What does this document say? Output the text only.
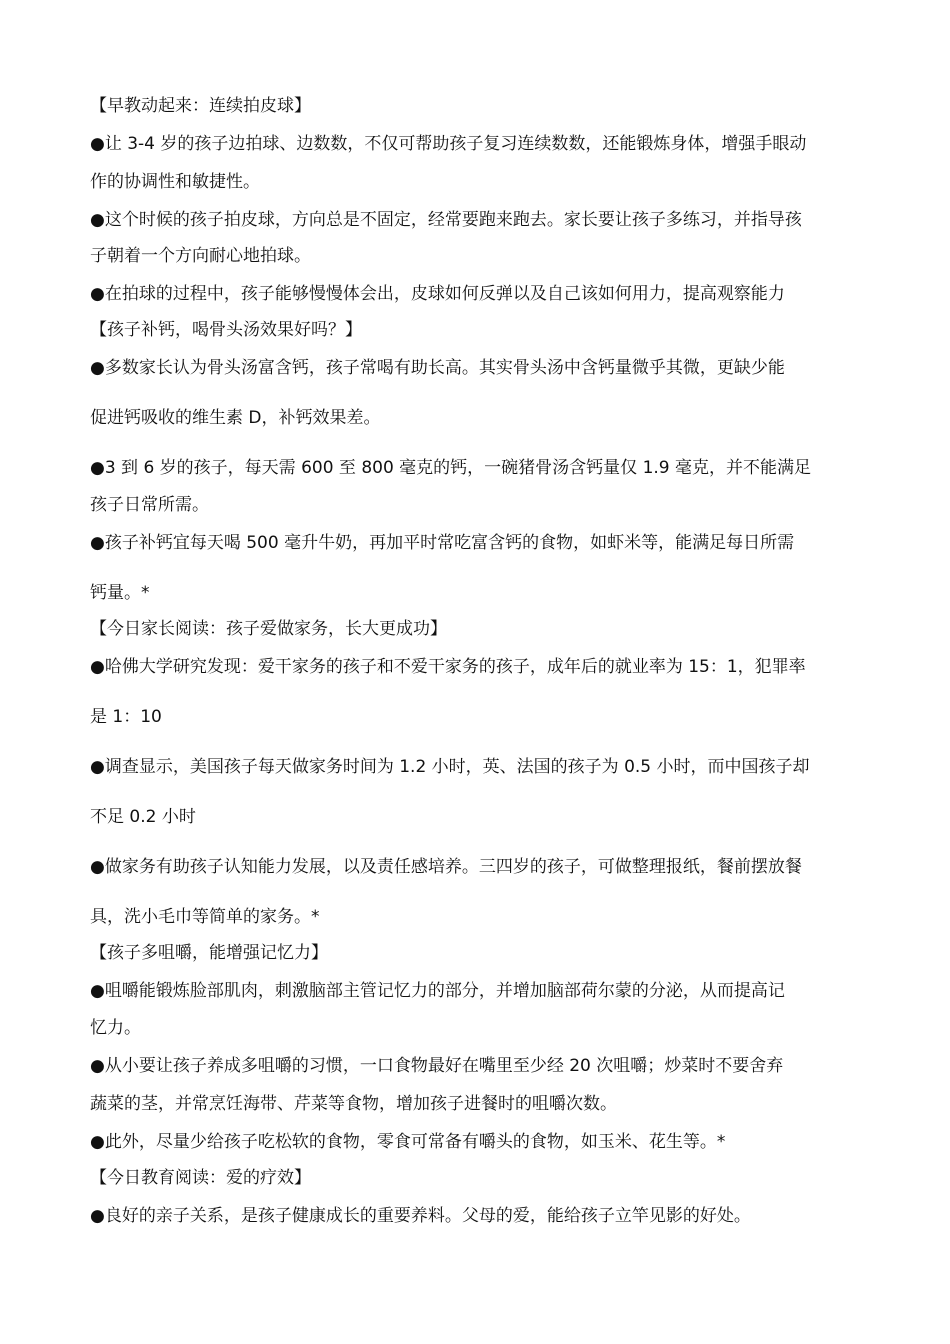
【早教动起来：连续拍皮球】
●让 3-4 岁的孩子边拍球、边数数，不仅可帮助孩子复习连续数数，还能锻炼身体，增强手眼动
作的协调性和敏捷性。
●这个时候的孩子拍皮球，方向总是不固定，经常要跑来跑去。家长要让孩子多练习，并指导孩
子朝着一个方向耐心地拍球。
●在拍球的过程中，孩子能够慢慢体会出，皮球如何反弹以及自己该如何用力，提高观察能力
【孩子补钙，喝骨头汤效果好吗？】
●多数家长认为骨头汤富含钙，孩子常喝有助长高。其实骨头汤中含钙量微乎其微，更缺少能
促进钙吸收的维生素 D，补钙效果差。
●3 到 6 岁的孩子，每天需 600 至 800 毫克的钙，一碗猪骨汤含钙量仅 1.9 毫克，并不能满足
孩子日常所需。
●孩子补钙宜每天喝 500 毫升牛奶，再加平时常吃富含钙的食物，如虾米等，能满足每日所需
钙量。*
【今日家长阅读：孩子爱做家务，长大更成功】
●哈佛大学研究发现：爱干家务的孩子和不爱干家务的孩子，成年后的就业率为 15：1，犯罪率
是 1：10
●调查显示，美国孩子每天做家务时间为 1.2 小时，英、法国的孩子为 0.5 小时，而中国孩子却
不足 0.2 小时
●做家务有助孩子认知能力发展，以及责任感培养。三四岁的孩子，可做整理报纸，餐前摆放餐
具，洗小毛巾等简单的家务。*
【孩子多咀嚼，能增强记忆力】
●咀嚼能锻炼脸部肌肉，刺激脑部主管记忆力的部分，并增加脑部荷尔蒙的分泌，从而提高记
忆力。
●从小要让孩子养成多咀嚼的习惯，一口食物最好在嘴里至少经 20 次咀嚼；炒菜时不要舍弃
蔬菜的茎，并常烹饪海带、芹菜等食物，增加孩子进餐时的咀嚼次数。
●此外，尽量少给孩子吃松软的食物，零食可常备有嚼头的食物，如玉米、花生等。*
【今日教育阅读：爱的疗效】
●良好的亲子关系，是孩子健康成长的重要养料。父母的爱，能给孩子立竿见影的好处。
